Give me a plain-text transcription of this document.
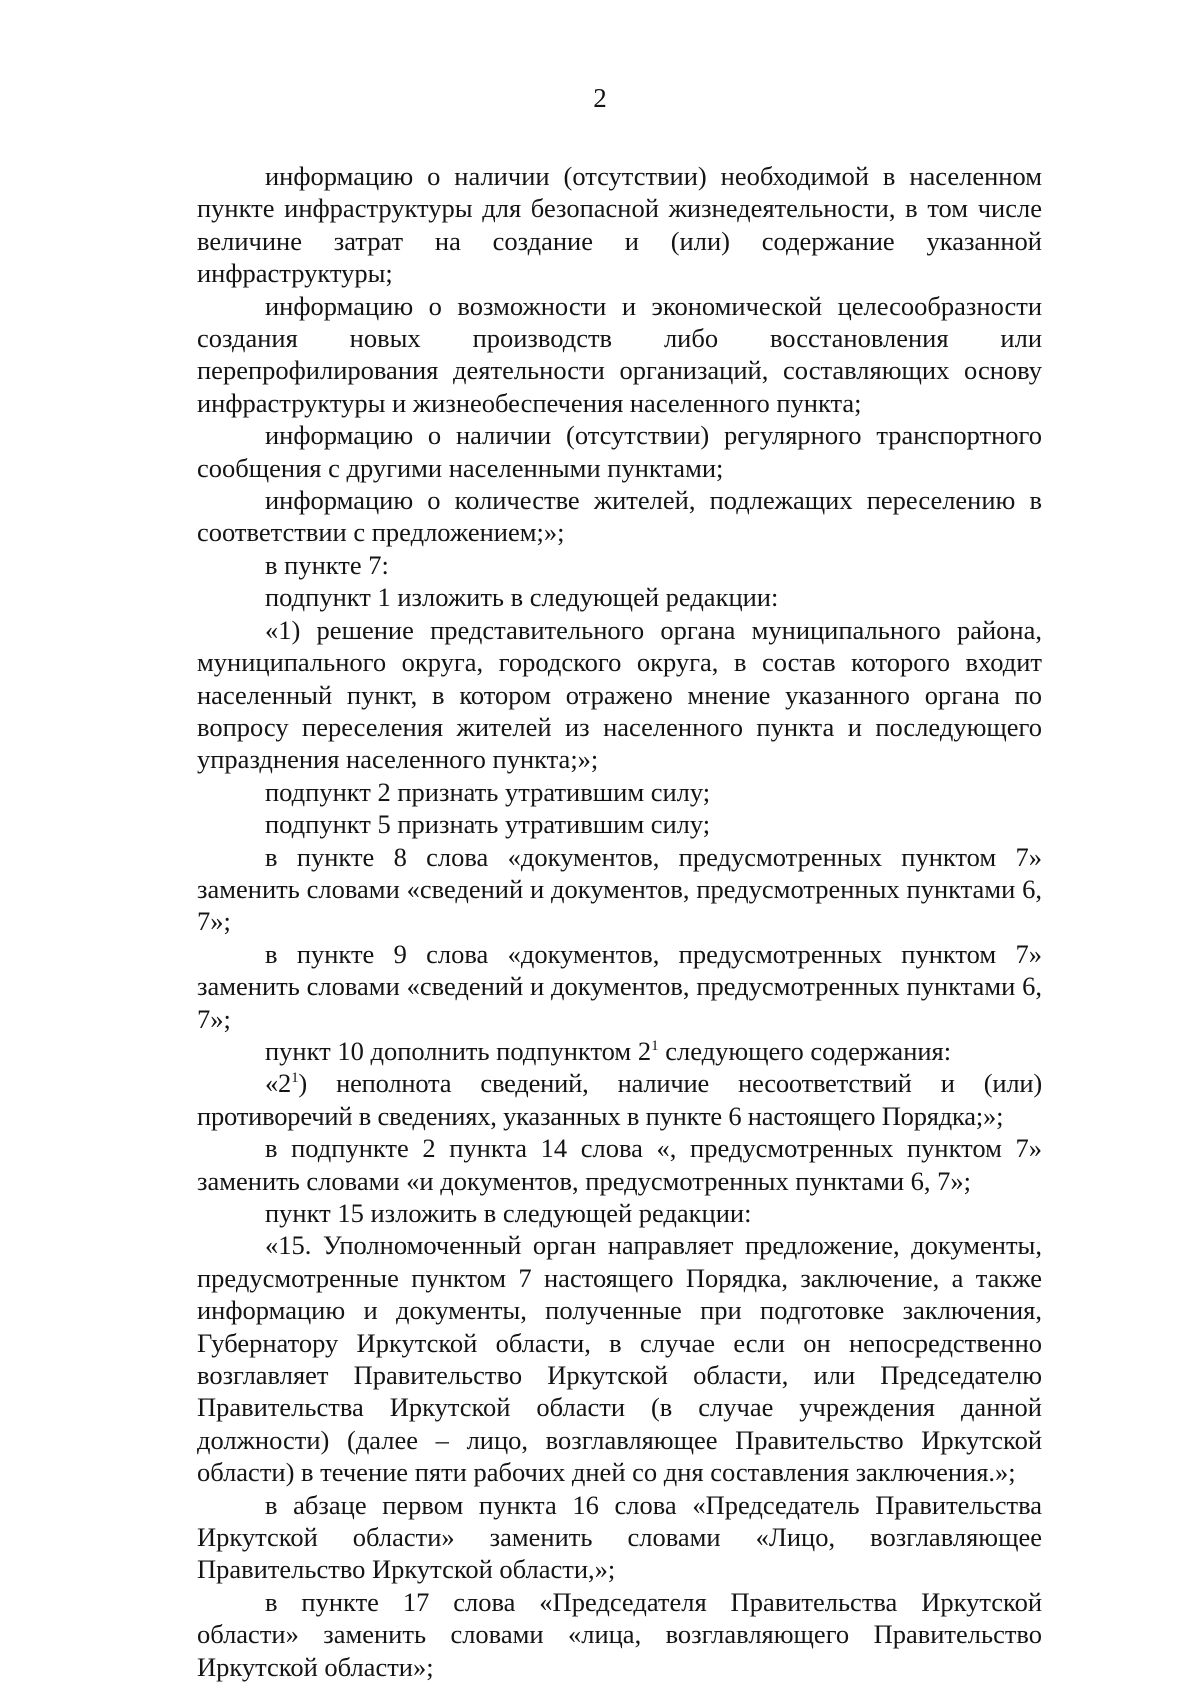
2

информацию о наличии (отсутствии) необходимой в населенном пункте инфраструктуры для безопасной жизнедеятельности, в том числе величине затрат на создание и (или) содержание указанной инфраструктуры;

информацию о возможности и экономической целесообразности создания новых производств либо восстановления или перепрофилирования деятельности организаций, составляющих основу инфраструктуры и жизнеобеспечения населенного пункта;

информацию о наличии (отсутствии) регулярного транспортного сообщения с другими населенными пунктами;

информацию о количестве жителей, подлежащих переселению в соответствии с предложением;»;

в пункте 7:

подпункт 1 изложить в следующей редакции:

«1) решение представительного органа муниципального района, муниципального округа, городского округа, в состав которого входит населенный пункт, в котором отражено мнение указанного органа по вопросу переселения жителей из населенного пункта и последующего упразднения населенного пункта;»;

подпункт 2 признать утратившим силу;

подпункт 5 признать утратившим силу;

в пункте 8 слова «документов, предусмотренных пунктом 7» заменить словами «сведений и документов, предусмотренных пунктами 6, 7»;

в пункте 9 слова «документов, предусмотренных пунктом 7» заменить словами «сведений и документов, предусмотренных пунктами 6, 7»;

пункт 10 дополнить подпунктом $2^1$ следующего содержания:

«$2^1$) неполнота сведений, наличие несоответствий и (или) противоречий в сведениях, указанных в пункте 6 настоящего Порядка;»;

в подпункте 2 пункта 14 слова «, предусмотренных пунктом 7» заменить словами «и документов, предусмотренных пунктами 6, 7»;

пункт 15 изложить в следующей редакции:

«15. Уполномоченный орган направляет предложение, документы, предусмотренные пунктом 7 настоящего Порядка, заключение, а также информацию и документы, полученные при подготовке заключения, Губернатору Иркутской области, в случае если он непосредственно возглавляет Правительство Иркутской области, или Председателю Правительства Иркутской области (в случае учреждения данной должности) (далее – лицо, возглавляющее Правительство Иркутской области) в течение пяти рабочих дней со дня составления заключения.»;

в абзаце первом пункта 16 слова «Председатель Правительства Иркутской области» заменить словами «Лицо, возглавляющее Правительство Иркутской области,»;

в пункте 17 слова «Председателя Правительства Иркутской области» заменить словами «лица, возглавляющего Правительство Иркутской области»;
